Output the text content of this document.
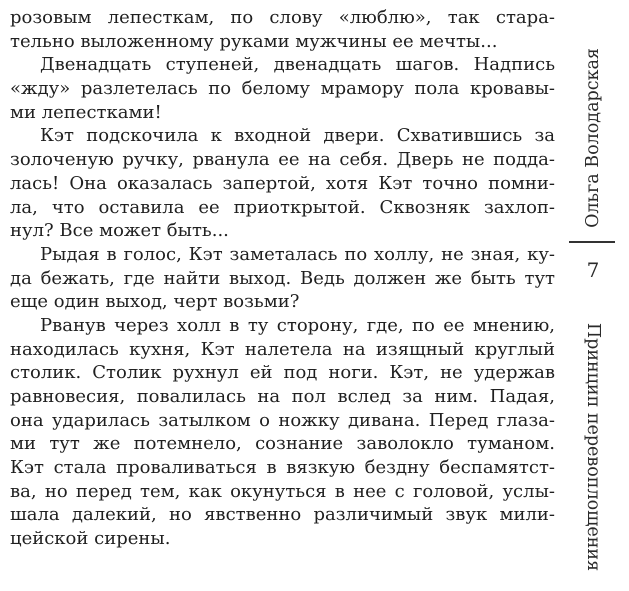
розовым лепесткам, по слову «люблю», так стара-
тельно выложенному руками мужчины ее мечты...
Двенадцать ступеней, двенадцать шагов. Надпись
«жду» разлетелась по белому мрамору пола кровавы-
ми лепестками!
Кэт подскочила к входной двери. Схватившись за
золоченую ручку, рванула ее на себя. Дверь не подда-
лась! Она оказалась запертой, хотя Кэт точно помни-
ла, что оставила ее приоткрытой. Сквозняк захлоп-
нул? Все может быть...
Рыдая в голос, Кэт заметалась по холлу, не зная, ку-
да бежать, где найти выход. Ведь должен же быть тут
еще один выход, черт возьми?
Рванув через холл в ту сторону, где, по ее мнению,
находилась кухня, Кэт налетела на изящный круглый
столик. Столик рухнул ей под ноги. Кэт, не удержав
равновесия, повалилась на пол вслед за ним. Падая,
она ударилась затылком о ножку дивана. Перед глаза-
ми тут же потемнело, сознание заволокло туманом.
Кэт стала проваливаться в вязкую бездну беспамятст-
ва, но перед тем, как окунуться в нее с головой, услы-
шала далекий, но явственно различимый звук мили-
цейской сирены.
Ольга Володарская
7
Принцип перевоплощения
